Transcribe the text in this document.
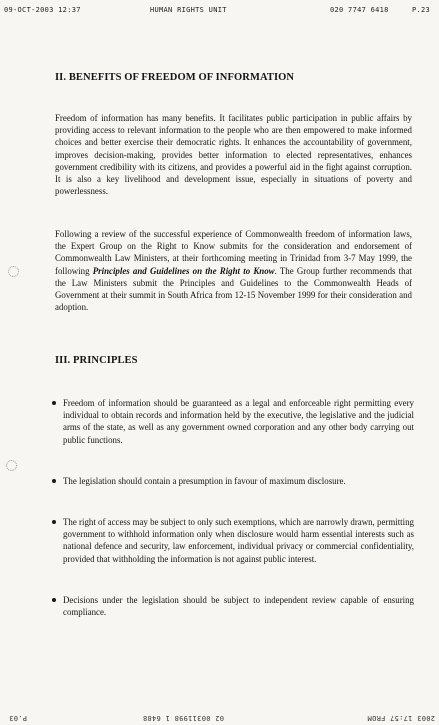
09-OCT-2003 12:37	HUMAN RIGHTS UNIT	020 7747 6418	P.23
II. BENEFITS OF FREEDOM OF INFORMATION

Freedom of information has many benefits. It facilitates public participation in public affairs by providing access to relevant information to the people who are then empowered to make informed choices and better exercise their democratic rights. It enhances the accountability of government, improves decision-making, provides better information to elected representatives, enhances government credibility with its citizens, and provides a powerful aid in the fight against corruption. It is also a key livelihood and development issue, especially in situations of poverty and powerlessness.

Following a review of the successful experience of Commonwealth freedom of information laws, the Expert Group on the Right to Know submits for the consideration and endorsement of Commonwealth Law Ministers, at their forthcoming meeting in Trinidad from 3-7 May 1999, the following Principles and Guidelines on the Right to Know. The Group further recommends that the Law Ministers submit the Principles and Guidelines to the Commonwealth Heads of Government at their summit in South Africa from 12-15 November 1999 for their consideration and adoption.

III. PRINCIPLES
Freedom of information should be guaranteed as a legal and enforceable right permitting every individual to obtain records and information held by the executive, the legislative and the judicial arms of the state, as well as any government owned corporation and any other body carrying out public functions.
The legislation should contain a presumption in favour of maximum disclosure.
The right of access may be subject to only such exemptions, which are narrowly drawn, permitting government to withhold information only when disclosure would harm essential interests such as national defence and security, law enforcement, individual privacy or commercial confidentiality, provided that withholding the information is not against public interest.
Decisions under the legislation should be subject to independent review capable of ensuring compliance.
2003 17:57 FROM
02 00311998 1 6488
P.03
